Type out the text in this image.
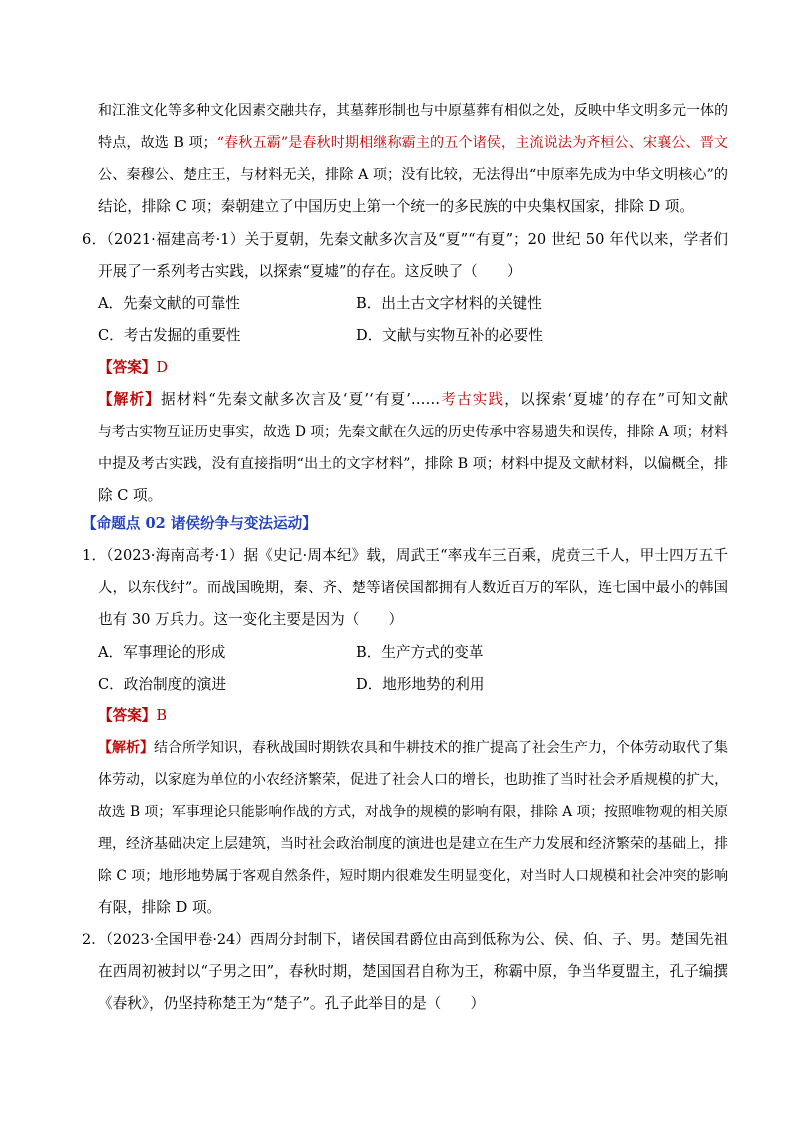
和江淮文化等多种文化因素交融共存，其墓葬形制也与中原墓葬有相似之处，反映中华文明多元一体的
特点，故选 B 项；“春秋五霸”是春秋时期相继称霸主的五个诸侯，主流说法为齐桓公、宋襄公、晋文
公、秦穆公、楚庄王，与材料无关，排除 A 项；没有比较，无法得出“中原率先成为中华文明核心”的
结论，排除 C 项；秦朝建立了中国历史上第一个统一的多民族的中央集权国家，排除 D 项。
6．（2021·福建高考·1）关于夏朝，先秦文献多次言及“夏”“有夏”；20 世纪 50 年代以来，学者们
开展了一系列考古实践，以探索“夏墟”的存在。这反映了（　　）
A．先秦文献的可靠性	B．出土古文字材料的关键性
C．考古发掘的重要性	D．文献与实物互补的必要性
【答案】D
【解析】据材料“先秦文献多次言及‘夏’‘有夏’……考古实践，以探索‘夏墟’的存在”可知文献
与考古实物互证历史事实，故选 D 项；先秦文献在久远的历史传承中容易遗失和误传，排除 A 项；材料
中提及考古实践，没有直接指明“出土的文字材料”，排除 B 项；材料中提及文献材料，以偏概全，排
除 C 项。
【命题点 02 诸侯纷争与变法运动】
1．（2023·海南高考·1）据《史记·周本纪》载，周武王“率戎车三百乘，虎贲三千人，甲士四万五千
人，以东伐纣”。而战国晚期，秦、齐、楚等诸侯国都拥有人数近百万的军队，连七国中最小的韩国
也有 30 万兵力。这一变化主要是因为（　　）
A．军事理论的形成	B．生产方式的变革
C．政治制度的演进	D．地形地势的利用
【答案】B
【解析】结合所学知识，春秋战国时期铁农具和牛耕技术的推广提高了社会生产力，个体劳动取代了集
体劳动，以家庭为单位的小农经济繁荣，促进了社会人口的增长，也助推了当时社会矛盾规模的扩大，
故选 B 项；军事理论只能影响作战的方式，对战争的规模的影响有限，排除 A 项；按照唯物观的相关原
理，经济基础决定上层建筑，当时社会政治制度的演进也是建立在生产力发展和经济繁荣的基础上，排
除 C 项；地形地势属于客观自然条件，短时期内很难发生明显变化，对当时人口规模和社会冲突的影响
有限，排除 D 项。
2．（2023·全国甲卷·24）西周分封制下，诸侯国君爵位由高到低称为公、侯、伯、子、男。楚国先祖
在西周初被封以“子男之田”，春秋时期，楚国国君自称为王，称霸中原，争当华夏盟主，孔子编撰
《春秋》，仍坚持称楚王为“楚子”。孔子此举目的是（　　）
